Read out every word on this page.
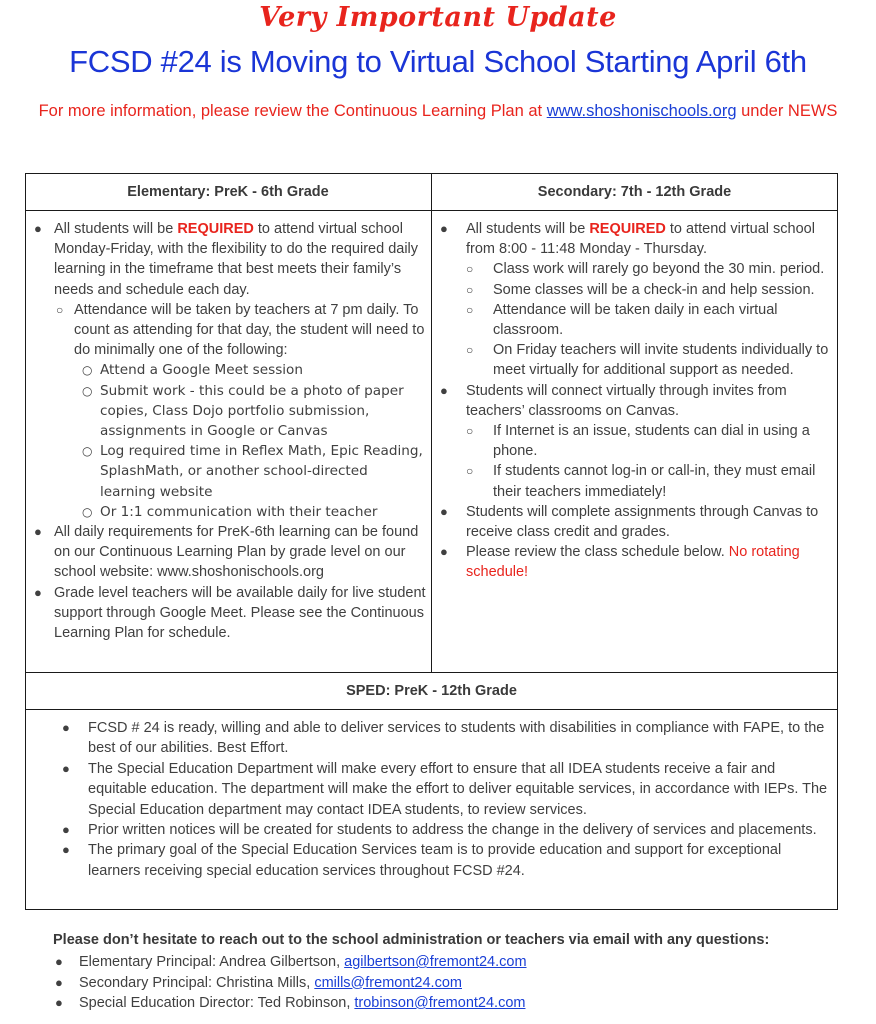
Very Important Update
FCSD #24 is Moving to Virtual School Starting April 6th
For more information, please review the Continuous Learning Plan at www.shoshonischools.org under NEWS
Elementary: PreK - 6th Grade	Secondary: 7th - 12th Grade
SPED: PreK - 12th Grade
● All students will be REQUIRED to attend virtual school Monday-Friday, with the flexibility to do the required daily learning in the timeframe that best meets their family’s needs and schedule each day.
○ Attendance will be taken by teachers at 7 pm daily. To count as attending for that day, the student will need to do minimally one of the following:
○ Attend a Google Meet session
○ Submit work - this could be a photo of paper copies, Class Dojo portfolio submission, assignments in Google or Canvas
○ Log required time in Reflex Math, Epic Reading, SplashMath, or another school-directed learning website
○ Or 1:1 communication with their teacher
● All daily requirements for PreK-6th learning can be found on our Continuous Learning Plan by grade level on our school website: www.shoshonischools.org
● Grade level teachers will be available daily for live student support through Google Meet. Please see the Continuous Learning Plan for schedule.
● All students will be REQUIRED to attend virtual school from 8:00 - 11:48 Monday - Thursday.
○ Class work will rarely go beyond the 30 min. period.
○ Some classes will be a check-in and help session.
○ Attendance will be taken daily in each virtual classroom.
○ On Friday teachers will invite students individually to meet virtually for additional support as needed.
● Students will connect virtually through invites from teachers’ classrooms on Canvas.
○ If Internet is an issue, students can dial in using a phone.
○ If students cannot log-in or call-in, they must email their teachers immediately!
● Students will complete assignments through Canvas to receive class credit and grades.
● Please review the class schedule below. No rotating schedule!
● FCSD # 24 is ready, willing and able to deliver services to students with disabilities in compliance with FAPE, to the best of our abilities. Best Effort.
● The Special Education Department will make every effort to ensure that all IDEA students receive a fair and equitable education. The department will make the effort to deliver equitable services, in accordance with IEPs. The Special Education department may contact IDEA students, to review services.
● Prior written notices will be created for students to address the change in the delivery of services and placements.
● The primary goal of the Special Education Services team is to provide education and support for exceptional learners receiving special education services throughout FCSD #24.
Please don’t hesitate to reach out to the school administration or teachers via email with any questions:
● Elementary Principal: Andrea Gilbertson, agilbertson@fremont24.com
● Secondary Principal: Christina Mills, cmills@fremont24.com
● Special Education Director: Ted Robinson, trobinson@fremont24.com
